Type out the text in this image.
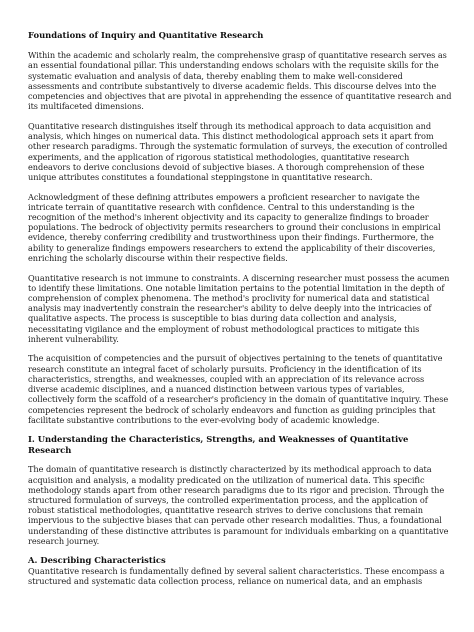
Foundations of Inquiry and Quantitative Research

Within the academic and scholarly realm, the comprehensive grasp of quantitative research serves as an essential foundational pillar. This understanding endows scholars with the requisite skills for the systematic evaluation and analysis of data, thereby enabling them to make well-considered assessments and contribute substantively to diverse academic fields. This discourse delves into the competencies and objectives that are pivotal in apprehending the essence of quantitative research and its multifaceted dimensions.

Quantitative research distinguishes itself through its methodical approach to data acquisition and analysis, which hinges on numerical data. This distinct methodological approach sets it apart from other research paradigms. Through the systematic formulation of surveys, the execution of controlled experiments, and the application of rigorous statistical methodologies, quantitative research endeavors to derive conclusions devoid of subjective biases. A thorough comprehension of these unique attributes constitutes a foundational steppingstone in quantitative research.

Acknowledgment of these defining attributes empowers a proficient researcher to navigate the intricate terrain of quantitative research with confidence. Central to this understanding is the recognition of the method's inherent objectivity and its capacity to generalize findings to broader populations. The bedrock of objectivity permits researchers to ground their conclusions in empirical evidence, thereby conferring credibility and trustworthiness upon their findings. Furthermore, the ability to generalize findings empowers researchers to extend the applicability of their discoveries, enriching the scholarly discourse within their respective fields.

Quantitative research is not immune to constraints. A discerning researcher must possess the acumen to identify these limitations. One notable limitation pertains to the potential limitation in the depth of comprehension of complex phenomena. The method's proclivity for numerical data and statistical analysis may inadvertently constrain the researcher's ability to delve deeply into the intricacies of qualitative aspects. The process is susceptible to bias during data collection and analysis, necessitating vigilance and the employment of robust methodological practices to mitigate this inherent vulnerability.

The acquisition of competencies and the pursuit of objectives pertaining to the tenets of quantitative research constitute an integral facet of scholarly pursuits. Proficiency in the identification of its characteristics, strengths, and weaknesses, coupled with an appreciation of its relevance across diverse academic disciplines, and a nuanced distinction between various types of variables, collectively form the scaffold of a researcher's proficiency in the domain of quantitative inquiry. These competencies represent the bedrock of scholarly endeavors and function as guiding principles that facilitate substantive contributions to the ever-evolving body of academic knowledge.

I. Understanding the Characteristics, Strengths, and Weaknesses of Quantitative Research

The domain of quantitative research is distinctly characterized by its methodical approach to data acquisition and analysis, a modality predicated on the utilization of numerical data. This specific methodology stands apart from other research paradigms due to its rigor and precision. Through the structured formulation of surveys, the controlled experimentation process, and the application of robust statistical methodologies, quantitative research strives to derive conclusions that remain impervious to the subjective biases that can pervade other research modalities. Thus, a foundational understanding of these distinctive attributes is paramount for individuals embarking on a quantitative research journey.

A. Describing Characteristics

Quantitative research is fundamentally defined by several salient characteristics. These encompass a structured and systematic data collection process, reliance on numerical data, and an emphasis
